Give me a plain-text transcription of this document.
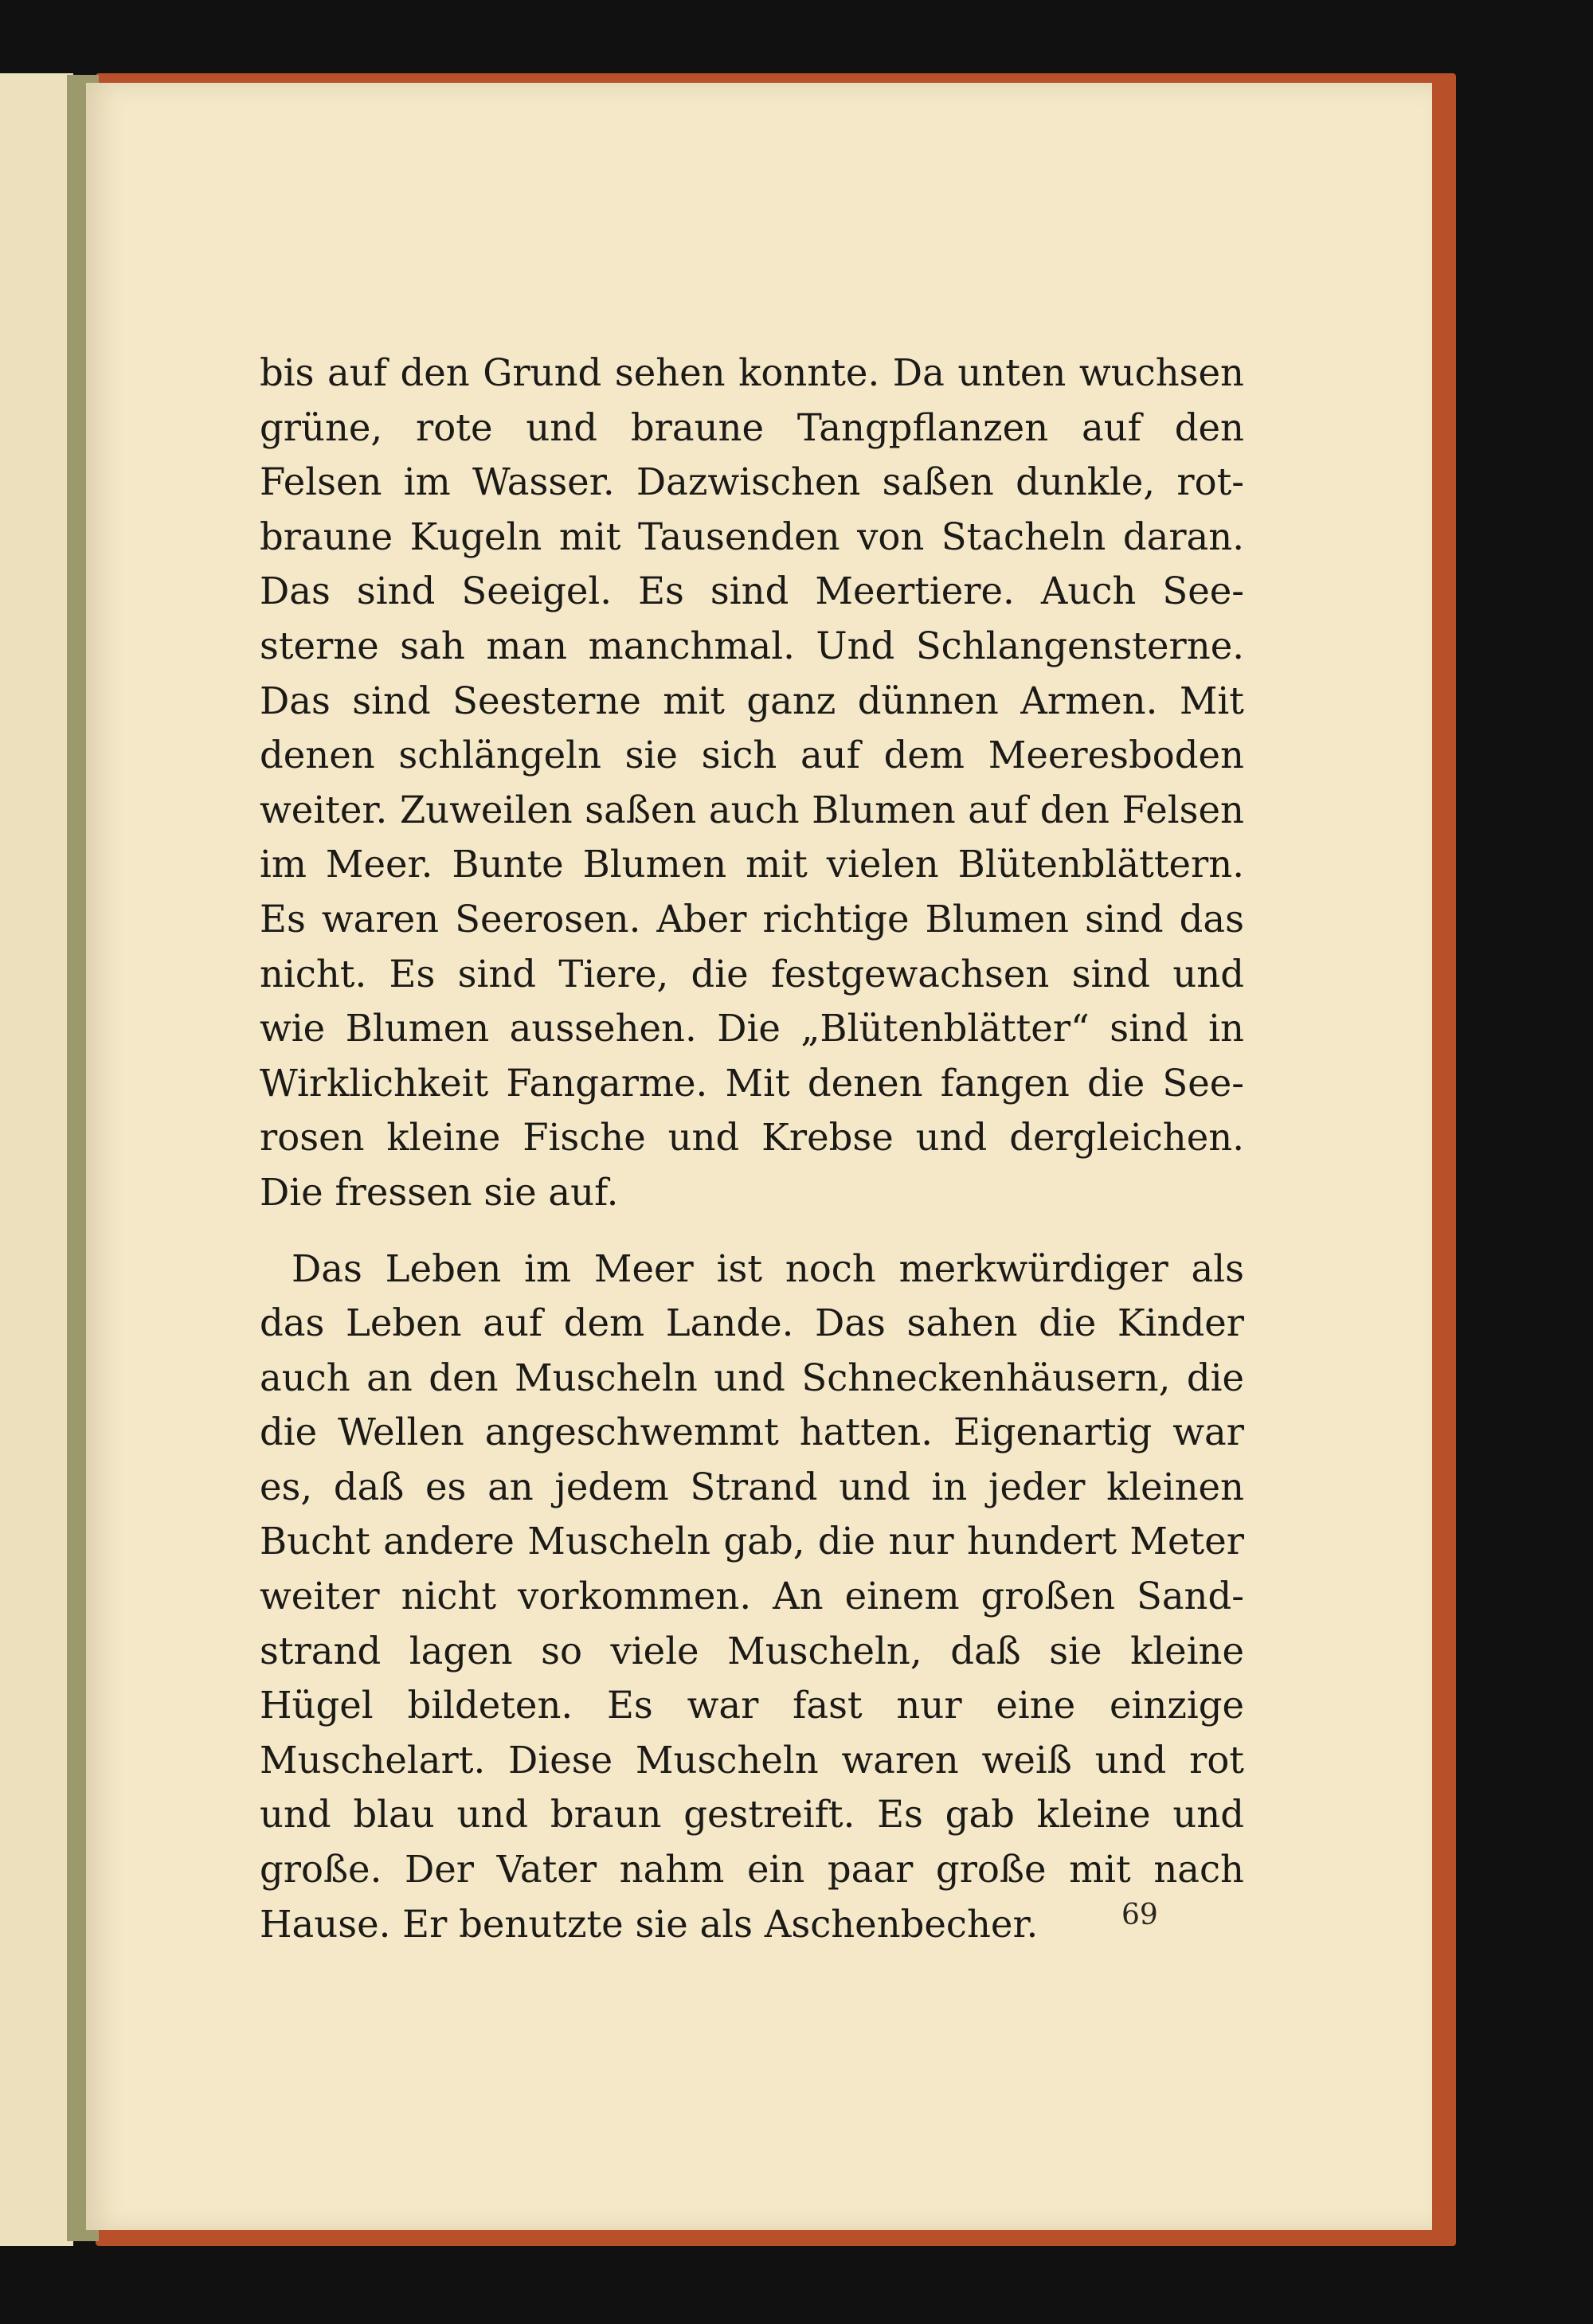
bis auf den Grund sehen konnte. Da unten wuchsen
grüne, rote und braune Tangpflanzen auf den
Felsen im Wasser. Dazwischen saßen dunkle, rot-
braune Kugeln mit Tausenden von Stacheln daran.
Das sind Seeigel. Es sind Meertiere. Auch See-
sterne sah man manchmal. Und Schlangensterne.
Das sind Seesterne mit ganz dünnen Armen. Mit
denen schlängeln sie sich auf dem Meeresboden
weiter. Zuweilen saßen auch Blumen auf den Felsen
im Meer. Bunte Blumen mit vielen Blütenblättern.
Es waren Seerosen. Aber richtige Blumen sind das
nicht. Es sind Tiere, die festgewachsen sind und
wie Blumen aussehen. Die „Blütenblätter“ sind in
Wirklichkeit Fangarme. Mit denen fangen die See-
rosen kleine Fische und Krebse und dergleichen.
Die fressen sie auf.

Das Leben im Meer ist noch merkwürdiger als
das Leben auf dem Lande. Das sahen die Kinder
auch an den Muscheln und Schneckenhäusern, die
die Wellen angeschwemmt hatten. Eigenartig war
es, daß es an jedem Strand und in jeder kleinen
Bucht andere Muscheln gab, die nur hundert Meter
weiter nicht vorkommen. An einem großen Sand-
strand lagen so viele Muscheln, daß sie kleine
Hügel bildeten. Es war fast nur eine einzige
Muschelart. Diese Muscheln waren weiß und rot
und blau und braun gestreift. Es gab kleine und
große. Der Vater nahm ein paar große mit nach
Hause. Er benutzte sie als Aschenbecher.	69
